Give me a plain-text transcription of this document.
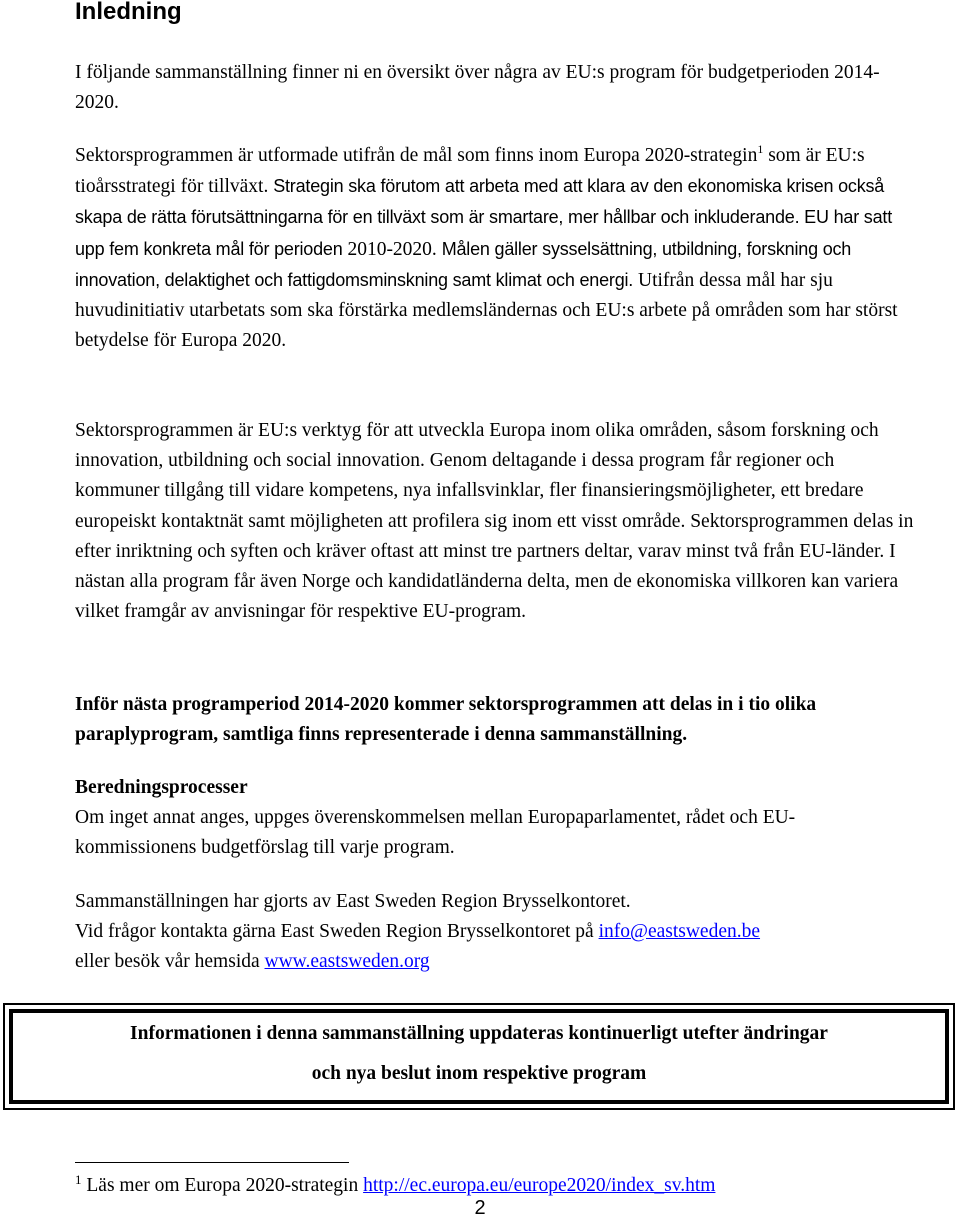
Inledning

I följande sammanställning finner ni en översikt över några av EU:s program för budgetperioden 2014-2020.

Sektorsprogrammen är utformade utifrån de mål som finns inom Europa 2020-strategin$^1$ som är EU:s tioårsstrategi för tillväxt. Strategin ska förutom att arbeta med att klara av den ekonomiska krisen också skapa de rätta förutsättningarna för en tillväxt som är smartare, mer hållbar och inkluderande. EU har satt upp fem konkreta mål för perioden 2010-2020. Målen gäller sysselsättning, utbildning, forskning och innovation, delaktighet och fattigdomsminskning samt klimat och energi. Utifrån dessa mål har sju huvudinitiativ utarbetats som ska förstärka medlemsländernas och EU:s arbete på områden som har störst betydelse för Europa 2020.

Sektorsprogrammen är EU:s verktyg för att utveckla Europa inom olika områden, såsom forskning och innovation, utbildning och social innovation. Genom deltagande i dessa program får regioner och kommuner tillgång till vidare kompetens, nya infallsvinklar, fler finansieringsmöjligheter, ett bredare europeiskt kontaktnät samt möjligheten att profilera sig inom ett visst område. Sektorsprogrammen delas in efter inriktning och syften och kräver oftast att minst tre partners deltar, varav minst två från EU-länder. I nästan alla program får även Norge och kandidatländerna delta, men de ekonomiska villkoren kan variera vilket framgår av anvisningar för respektive EU-program.

Inför nästa programperiod 2014-2020 kommer sektorsprogrammen att delas in i tio olika paraplyprogram, samtliga finns representerade i denna sammanställning.

Beredningsprocesser
Om inget annat anges, uppges överenskommelsen mellan Europaparlamentet, rådet och EU-kommissionens budgetförslag till varje program.
Sammanställningen har gjorts av East Sweden Region Brysselkontoret.
Vid frågor kontakta gärna East Sweden Region Brysselkontoret på info@eastsweden.be
eller besök vår hemsida www.eastsweden.org
Informationen i denna sammanställning uppdateras kontinuerligt utefter ändringar
och nya beslut inom respektive program
$^1$ Läs mer om Europa 2020-strategin http://ec.europa.eu/europe2020/index_sv.htm
2
